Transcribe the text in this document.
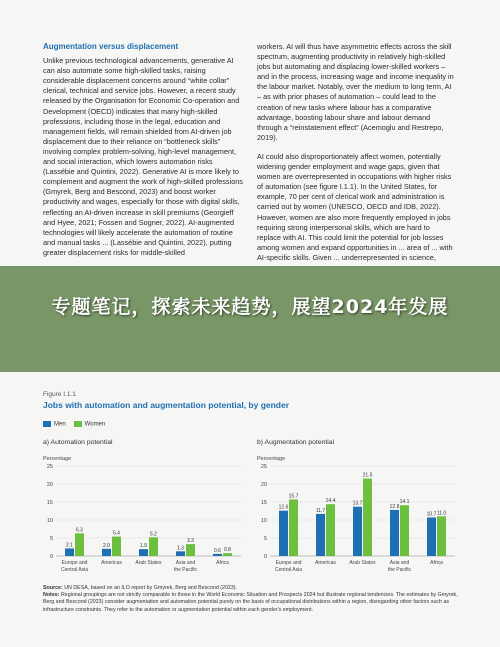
Augmentation versus displacement

Unlike previous technological advancements, generative AI can also automate some high-skilled tasks, raising considerable displacement concerns around “white collar” clerical, technical and service jobs. However, a recent study released by the Organisation for Economic Co-operation and Development (OECD) indicates that many high-skilled professions, including those in the legal, education and management fields, will remain shielded from AI-driven job displacement due to their reliance on “bottleneck skills” involving complex problem-solving, high-level management, and social interaction, which lowers automation risks (Lassébie and Quintini, 2022). Generative AI is more likely to complement and augment the work of high-skilled professions (Gmyrek, Berg and Bescond, 2023) and boost worker productivity and wages, especially for those with digital skills, reflecting an AI-driven increase in skill premiums (Georgieff and Hyee, 2021; Fossen and Sogner, 2022). AI-augmented technologies will likely accelerate the automation of routine and manual tasks ... (Lassébie and Quintini, 2022), putting greater displacement risks for middle-skilled

workers. AI will thus have asymmetric effects across the skill spectrum, augmenting productivity in relatively high-skilled jobs but automating and displacing lower-skilled workers – and in the process, increasing wage and income inequality in the labour market. Notably, over the medium to long term, AI – as with prior phases of automation – could lead to the creation of new tasks where labour has a comparative advantage, boosting labour share and labour demand through a “reinstatement effect” (Acemoglu and Restrepo, 2019).

AI could also disproportionately affect women, potentially widening gender employment and wage gaps, given that women are overrepresented in occupations with higher risks of automation (see figure I.1.1). In the United States, for example, 70 per cent of clerical work and administration is carried out by women (UNESCO, OECD and IDB, 2022). However, women are also more frequently employed in jobs requiring strong interpersonal skills, which are hard to replace with AI. This could limit the potential for job losses among women and expand opportunities in ... area of ... with AI-specific skills. Given ... underrepresented in science,

专题笔记，探索未来趋势，展望2024年发展
Figure I.1.1
Jobs with automation and augmentation potential, by gender
Men	Women
a) Automation potential	b) Augmentation potential
Percentage	Percentage
0
5
10
15
20
25
2.1
6.3
Europe and
Central Asia
2.0
5.4
Americas
1.9
5.2
Arab States
1.3
3.3
Asia and
the Pacific
0.6 0.8
Africa
0
5
10
15
20
25
12.6
15.7
Europe and
Central Asia
11.7
14.4
Americas
13.7
21.5
Arab States
12.8
14.1
Asia and
the Pacific
10.7 11.0
Africa

Source: UN DESA, based on an ILO report by Gmyrek, Berg and Bescond (2023).

Notes: Regional groupings are not strictly comparable to those in the World Economic Situation and Prospects 2024 but illustrate regional tendencies. The estimates by Gmyrek, Berg and Bescond (2023) consider augmentation and automation potential purely on the basis of occupational distributions within a region, disregarding other factors such as infrastructure constraints. They refer to the automation or augmentation potential within each gender's employment.
